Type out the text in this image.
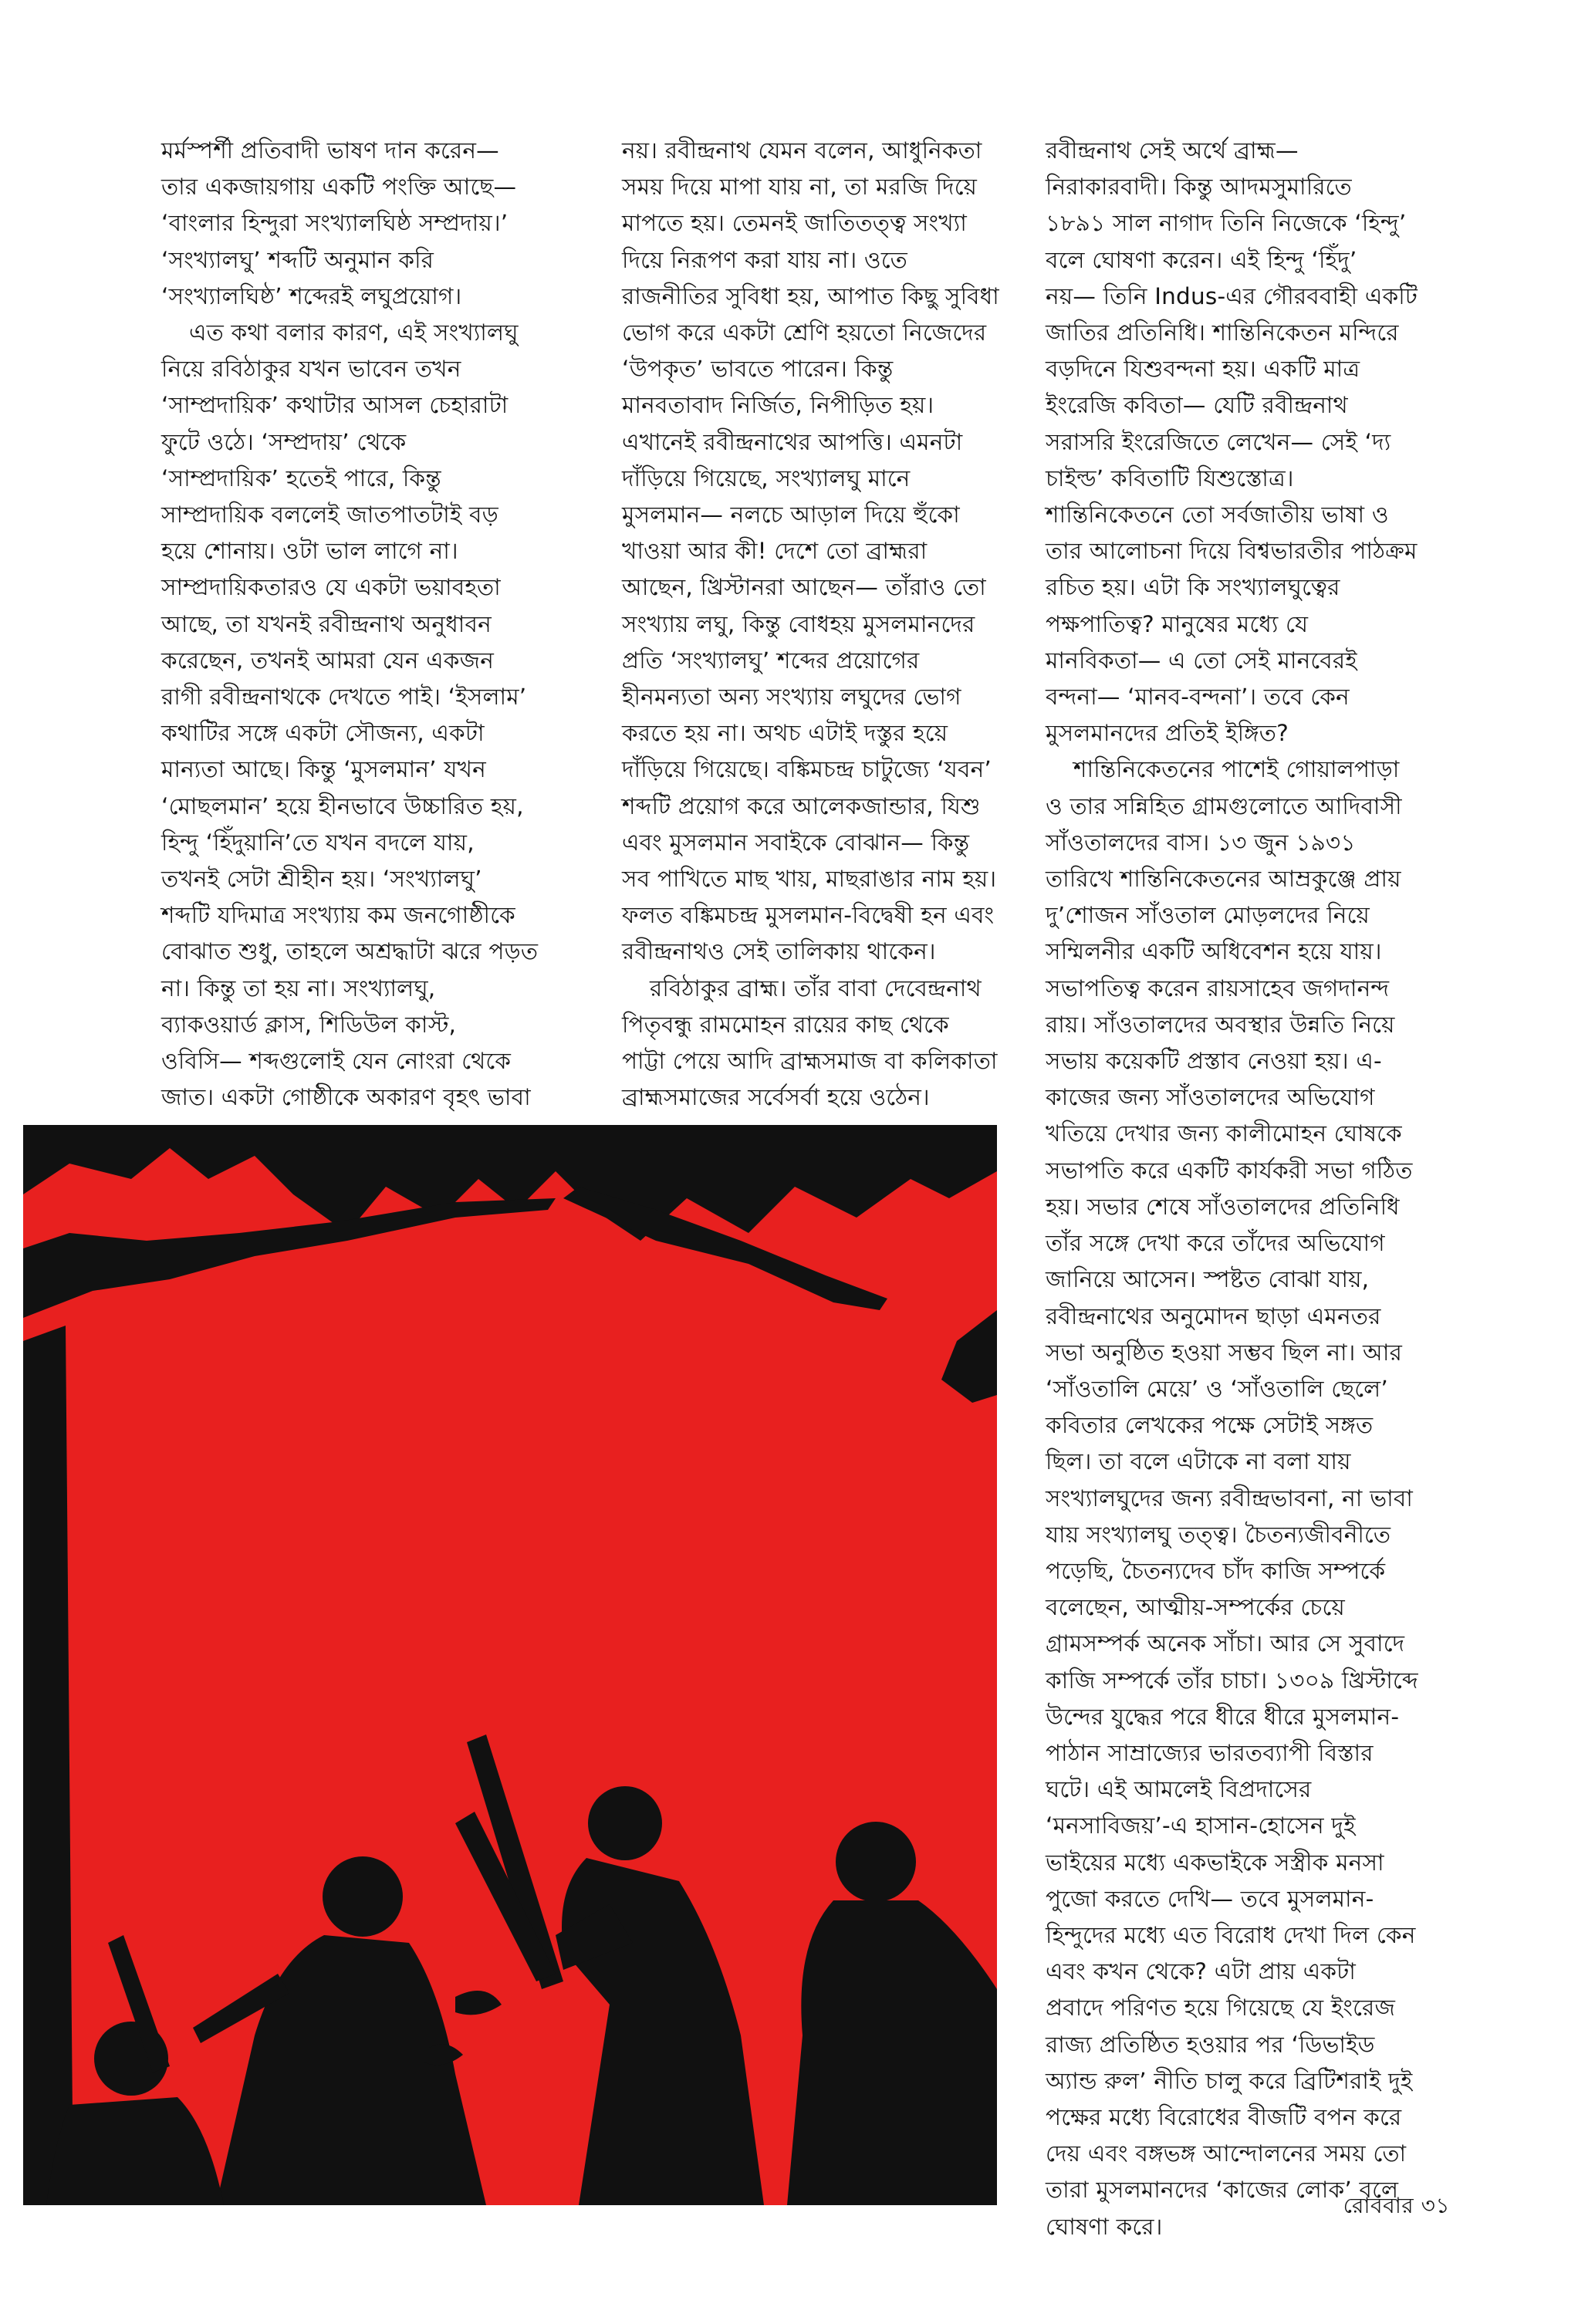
মর্মস্পর্শী প্রতিবাদী ভাষণ দান করেন—

তার একজায়গায় একটি পংক্তি আছে—

‘বাংলার হিন্দুরা সংখ্যালঘিষ্ঠ সম্প্রদায়।’

‘সংখ্যালঘু’ শব্দটি অনুমান করি

‘সংখ্যালঘিষ্ঠ’ শব্দেরই লঘুপ্রয়োগ।

এত কথা বলার কারণ, এই সংখ্যালঘু

নিয়ে রবিঠাকুর যখন ভাবেন তখন

‘সাম্প্রদায়িক’ কথাটার আসল চেহারাটা

ফুটে ওঠে। ‘সম্প্রদায়’ থেকে

‘সাম্প্রদায়িক’ হতেই পারে, কিন্তু

সাম্প্রদায়িক বললেই জাতপাতটাই বড়

হয়ে শোনায়। ওটা ভাল লাগে না।

সাম্প্রদায়িকতারও যে একটা ভয়াবহতা

আছে, তা যখনই রবীন্দ্রনাথ অনুধাবন

করেছেন, তখনই আমরা যেন একজন

রাগী রবীন্দ্রনাথকে দেখতে পাই। ‘ইসলাম’

কথাটির সঙ্গে একটা সৌজন্য, একটা

মান্যতা আছে। কিন্তু ‘মুসলমান’ যখন

‘মোছলমান’ হয়ে হীনভাবে উচ্চারিত হয়,

হিন্দু ‘হিঁদুয়ানি’তে যখন বদলে যায়,

তখনই সেটা শ্রীহীন হয়। ‘সংখ্যালঘু’

শব্দটি যদিমাত্র সংখ্যায় কম জনগোষ্ঠীকে

বোঝাত শুধু, তাহলে অশ্রদ্ধাটা ঝরে পড়ত

না। কিন্তু তা হয় না। সংখ্যালঘু,

ব্যাকওয়ার্ড ক্লাস, শিডিউল কাস্ট,

ওবিসি— শব্দগুলোই যেন নোংরা থেকে

জাত। একটা গোষ্ঠীকে অকারণ বৃহৎ ভাবা

নয়। রবীন্দ্রনাথ যেমন বলেন, আধুনিকতা

সময় দিয়ে মাপা যায় না, তা মরজি দিয়ে

মাপতে হয়। তেমনই জাতিতত্ত্ব সংখ্যা

দিয়ে নিরূপণ করা যায় না। ওতে

রাজনীতির সুবিধা হয়, আপাত কিছু সুবিধা

ভোগ করে একটা শ্রেণি হয়তো নিজেদের

‘উপকৃত’ ভাবতে পারেন। কিন্তু

মানবতাবাদ নির্জিত, নিপীড়িত হয়।

এখানেই রবীন্দ্রনাথের আপত্তি। এমনটা

দাঁড়িয়ে গিয়েছে, সংখ্যালঘু মানে

মুসলমান— নলচে আড়াল দিয়ে হুঁকো

খাওয়া আর কী! দেশে তো ব্রাহ্মরা

আছেন, খ্রিস্টানরা আছেন— তাঁরাও তো

সংখ্যায় লঘু, কিন্তু বোধহয় মুসলমানদের

প্রতি ‘সংখ্যালঘু’ শব্দের প্রয়োগের

হীনমন্যতা অন্য সংখ্যায় লঘুদের ভোগ

করতে হয় না। অথচ এটাই দস্তুর হয়ে

দাঁড়িয়ে গিয়েছে। বঙ্কিমচন্দ্র চাটুজ্যে ‘যবন’

শব্দটি প্রয়োগ করে আলেকজান্ডার, যিশু

এবং মুসলমান সবাইকে বোঝান— কিন্তু

সব পাখিতে মাছ খায়, মাছরাঙার নাম হয়।

ফলত বঙ্কিমচন্দ্র মুসলমান-বিদ্বেষী হন এবং

রবীন্দ্রনাথও সেই তালিকায় থাকেন।

রবিঠাকুর ব্রাহ্ম। তাঁর বাবা দেবেন্দ্রনাথ

পিতৃবন্ধু রামমোহন রায়ের কাছ থেকে

পাট্টা পেয়ে আদি ব্রাহ্মসমাজ বা কলিকাতা

ব্রাহ্মসমাজের সর্বেসর্বা হয়ে ওঠেন।

রবীন্দ্রনাথ সেই অর্থে ব্রাহ্ম—

নিরাকারবাদী। কিন্তু আদমসুমারিতে

১৮৯১ সাল নাগাদ তিনি নিজেকে ‘হিন্দু’

বলে ঘোষণা করেন। এই হিন্দু ‘হিঁদু’

নয়— তিনি Indus-এর গৌরববাহী একটি

জাতির প্রতিনিধি। শান্তিনিকেতন মন্দিরে

বড়দিনে যিশুবন্দনা হয়। একটি মাত্র

ইংরেজি কবিতা— যেটি রবীন্দ্রনাথ

সরাসরি ইংরেজিতে লেখেন— সেই ‘দ্য

চাইল্ড’ কবিতাটি যিশুস্তোত্র।

শান্তিনিকেতনে তো সর্বজাতীয় ভাষা ও

তার আলোচনা দিয়ে বিশ্বভারতীর পাঠক্রম

রচিত হয়। এটা কি সংখ্যালঘুত্বের

পক্ষপাতিত্ব? মানুষের মধ্যে যে

মানবিকতা— এ তো সেই মানবেরই

বন্দনা— ‘মানব-বন্দনা’। তবে কেন

মুসলমানদের প্রতিই ইঙ্গিত?

শান্তিনিকেতনের পাশেই গোয়ালপাড়া

ও তার সন্নিহিত গ্রামগুলোতে আদিবাসী

সাঁওতালদের বাস। ১৩ জুন ১৯৩১

তারিখে শান্তিনিকেতনের আম্রকুঞ্জে প্রায়

দু’শোজন সাঁওতাল মোড়লদের নিয়ে

সম্মিলনীর একটি অধিবেশন হয়ে যায়।

সভাপতিত্ব করেন রায়সাহেব জগদানন্দ

রায়। সাঁওতালদের অবস্থার উন্নতি নিয়ে

সভায় কয়েকটি প্রস্তাব নেওয়া হয়। এ-

কাজের জন্য সাঁওতালদের অভিযোগ

খতিয়ে দেখার জন্য কালীমোহন ঘোষকে

সভাপতি করে একটি কার্যকরী সভা গঠিত

হয়। সভার শেষে সাঁওতালদের প্রতিনিধি

তাঁর সঙ্গে দেখা করে তাঁদের অভিযোগ

জানিয়ে আসেন। স্পষ্টত বোঝা যায়,

রবীন্দ্রনাথের অনুমোদন ছাড়া এমনতর

সভা অনুষ্ঠিত হওয়া সম্ভব ছিল না। আর

‘সাঁওতালি মেয়ে’ ও ‘সাঁওতালি ছেলে’

কবিতার লেখকের পক্ষে সেটাই সঙ্গত

ছিল। তা বলে এটাকে না বলা যায়

সংখ্যালঘুদের জন্য রবীন্দ্রভাবনা, না ভাবা

যায় সংখ্যালঘু তত্ত্ব। চৈতন্যজীবনীতে

পড়েছি, চৈতন্যদেব চাঁদ কাজি সম্পর্কে

বলেছেন, আত্মীয়-সম্পর্কের চেয়ে

গ্রামসম্পর্ক অনেক সাঁচা। আর সে সুবাদে

কাজি সম্পর্কে তাঁর চাচা। ১৩০৯ খ্রিস্টাব্দে

উন্দের যুদ্ধের পরে ধীরে ধীরে মুসলমান-

পাঠান সাম্রাজ্যের ভারতব্যাপী বিস্তার

ঘটে। এই আমলেই বিপ্রদাসের

‘মনসাবিজয়’-এ হাসান-হোসেন দুই

ভাইয়ের মধ্যে একভাইকে সস্ত্রীক মনসা

পুজো করতে দেখি— তবে মুসলমান-

হিন্দুদের মধ্যে এত বিরোধ দেখা দিল কেন

এবং কখন থেকে? এটা প্রায় একটা

প্রবাদে পরিণত হয়ে গিয়েছে যে ইংরেজ

রাজ্য প্রতিষ্ঠিত হওয়ার পর ‘ডিভাইড

অ্যান্ড রুল’ নীতি চালু করে ব্রিটিশরাই দুই

পক্ষের মধ্যে বিরোধের বীজটি বপন করে

দেয় এবং বঙ্গভঙ্গ আন্দোলনের সময় তো

তারা মুসলমানদের ‘কাজের লোক’ বলে

ঘোষণা করে।

রোববার ৩১
